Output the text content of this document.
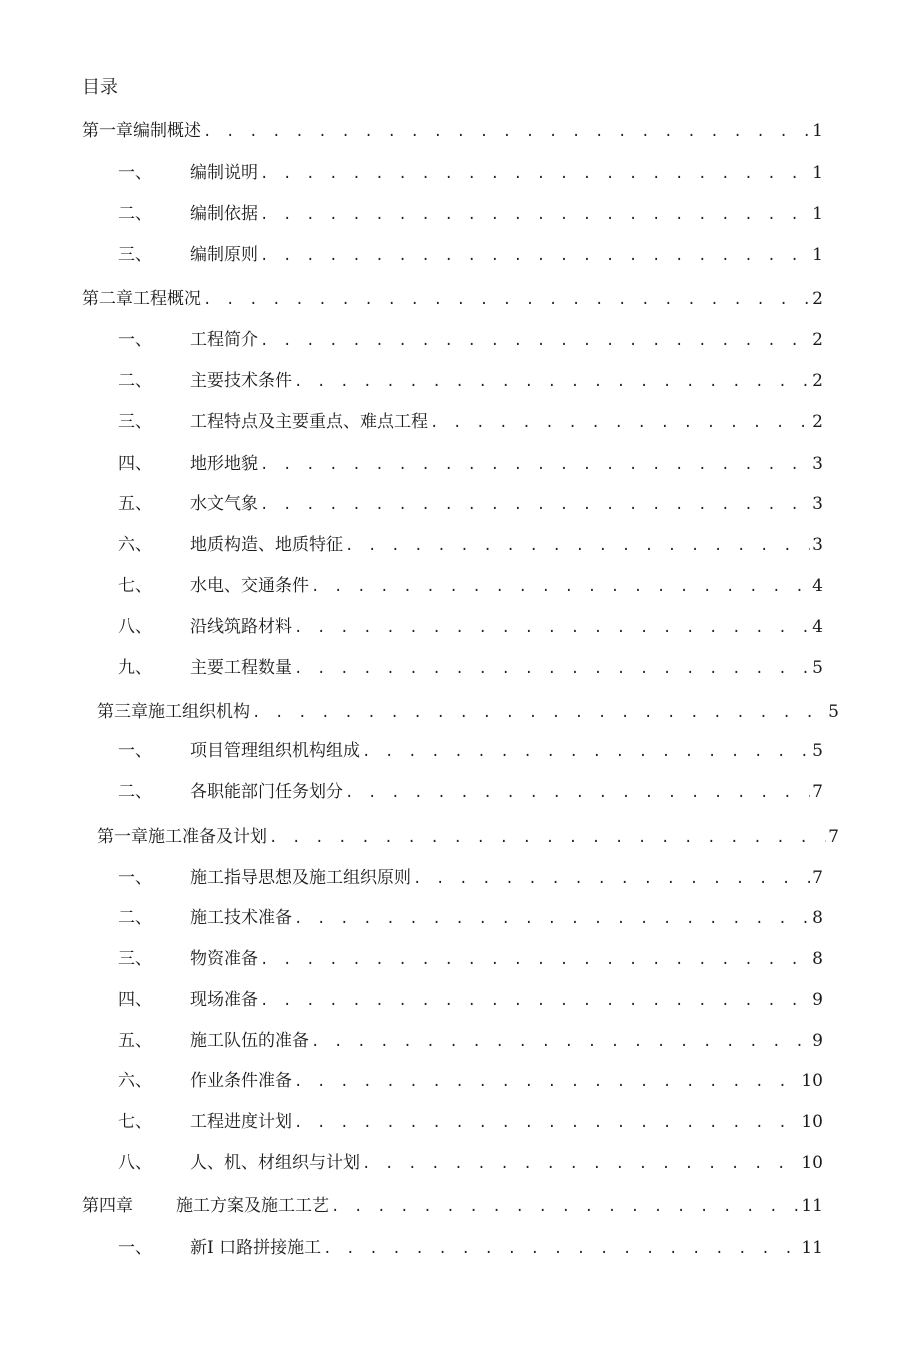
目录
第一章编制概述 . . .	1
一、	编制说明 . . .	1
二、	编制依据 . . .	1
三、	编制原则 . . .	1
第二章工程概况 . . .	2
一、	工程简介 . . .	2
二、	主要技术条件 . . .	2
三、	工程特点及主要重点、难点工程 . . .	2
四、	地形地貌 . . .	3
五、	水文气象 . . .	3
六、	地质构造、地质特征 . . .	3
七、	水电、交通条件 . . .	4
八、	沿线筑路材料 . . .	4
九、	主要工程数量 . . .	5
第三章施工组织机构 . . .	5
一、	项目管理组织机构组成 . . .	5
二、	各职能部门任务划分 . . .	7
第一章施工准备及计划 . . .	7
一、	施工指导思想及施工组织原则 . . .	7
二、	施工技术准备 . . .	8
三、	物资准备 . . .	8
四、	现场准备 . . .	9
五、	施工队伍的准备 . . .	9
六、	作业条件准备 . . .	10
七、	工程进度计划 . . .	10
八、	人、机、材组织与计划 . . .	10
第四章	施工方案及施工工艺 . . .	11
一、	新I 口路拼接施工 . . .	11
